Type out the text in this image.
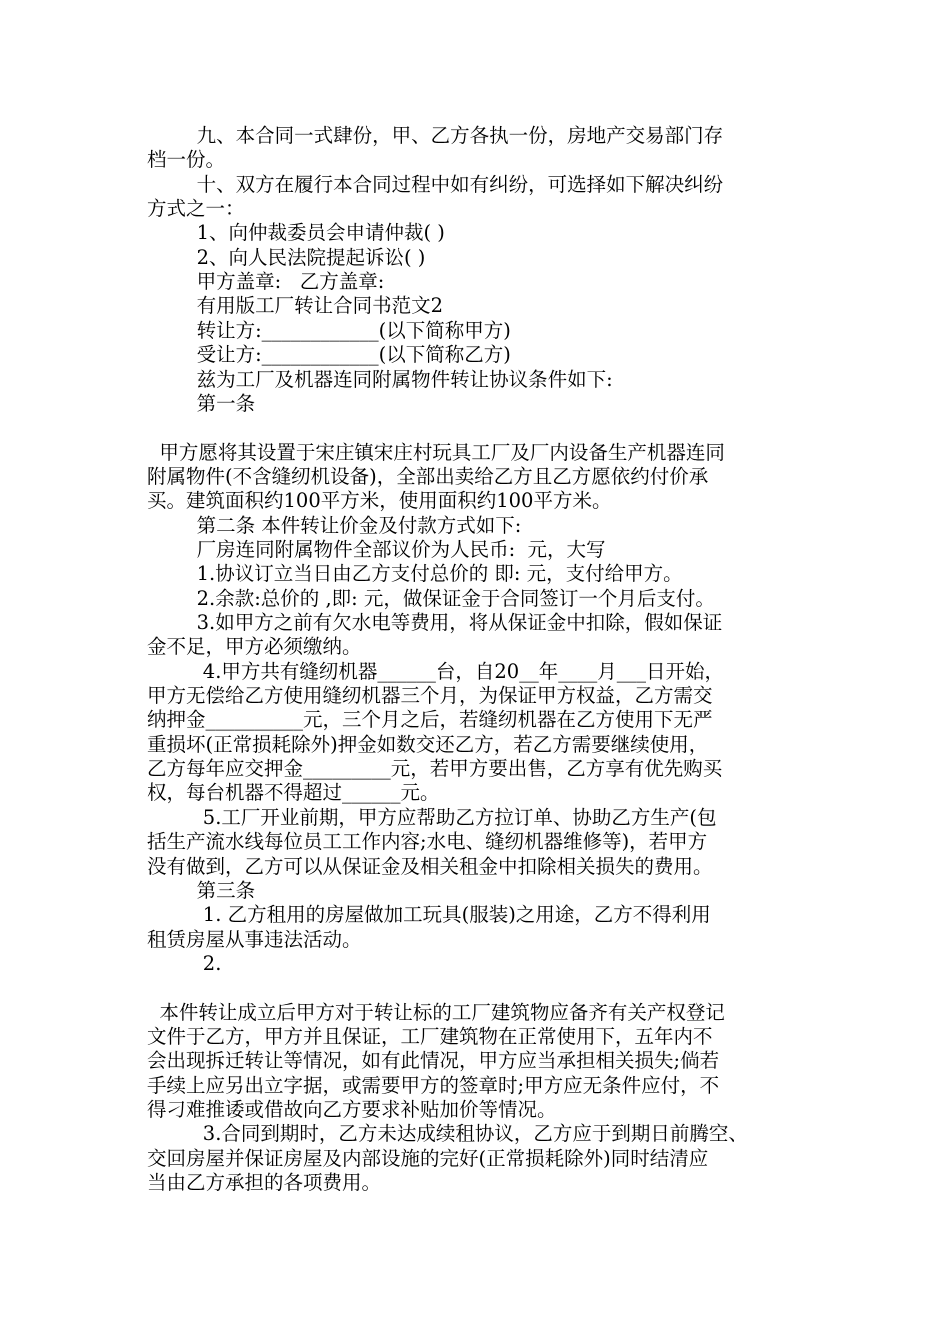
九、本合同一式肆份，甲、乙方各执一份，房地产交易部门存

档一份。

十、双方在履行本合同过程中如有纠纷，可选择如下解决纠纷

方式之一：

1、向仲裁委员会申请仲裁( )

2、向人民法院提起诉讼( )

甲方盖章:   乙方盖章:

有用版工厂转让合同书范文2

转让方:____________(以下简称甲方)

受让方:____________(以下简称乙方)

兹为工厂及机器连同附属物件转让协议条件如下:

第一条

甲方愿将其设置于宋庄镇宋庄村玩具工厂及厂内设备生产机器连同

附属物件(不含缝纫机设备)，全部出卖给乙方且乙方愿依约付价承

买。建筑面积约100平方米，使用面积约100平方米。

第二条 本件转让价金及付款方式如下:

厂房连同附属物件全部议价为人民币:  元，大写

1.协议订立当日由乙方支付总价的 即: 元，支付给甲方。

2.余款:总价的 ,即: 元，做保证金于合同签订一个月后支付。

3.如甲方之前有欠水电等费用，将从保证金中扣除，假如保证

金不足，甲方必须缴纳。

4.甲方共有缝纫机器______台，自20__年____月___日开始，

甲方无偿给乙方使用缝纫机器三个月，为保证甲方权益，乙方需交

纳押金__________元，三个月之后，若缝纫机器在乙方使用下无严

重损坏(正常损耗除外)押金如数交还乙方，若乙方需要继续使用，

乙方每年应交押金_________元，若甲方要出售，乙方享有优先购买

权，每台机器不得超过______元。

5.工厂开业前期，甲方应帮助乙方拉订单、协助乙方生产(包

括生产流水线每位员工工作内容;水电、缝纫机器维修等)，若甲方

没有做到，乙方可以从保证金及相关租金中扣除相关损失的费用。

第三条

1. 乙方租用的房屋做加工玩具(服装)之用途，乙方不得利用

租赁房屋从事违法活动。

2.

本件转让成立后甲方对于转让标的工厂建筑物应备齐有关产权登记

文件于乙方，甲方并且保证，工厂建筑物在正常使用下，五年内不

会出现拆迁转让等情况，如有此情况，甲方应当承担相关损失;倘若

手续上应另出立字据，或需要甲方的签章时;甲方应无条件应付，不

得刁难推诿或借故向乙方要求补贴加价等情况。

3.合同到期时，乙方未达成续租协议，乙方应于到期日前腾空、

交回房屋并保证房屋及内部设施的完好(正常损耗除外)同时结清应

当由乙方承担的各项费用。
